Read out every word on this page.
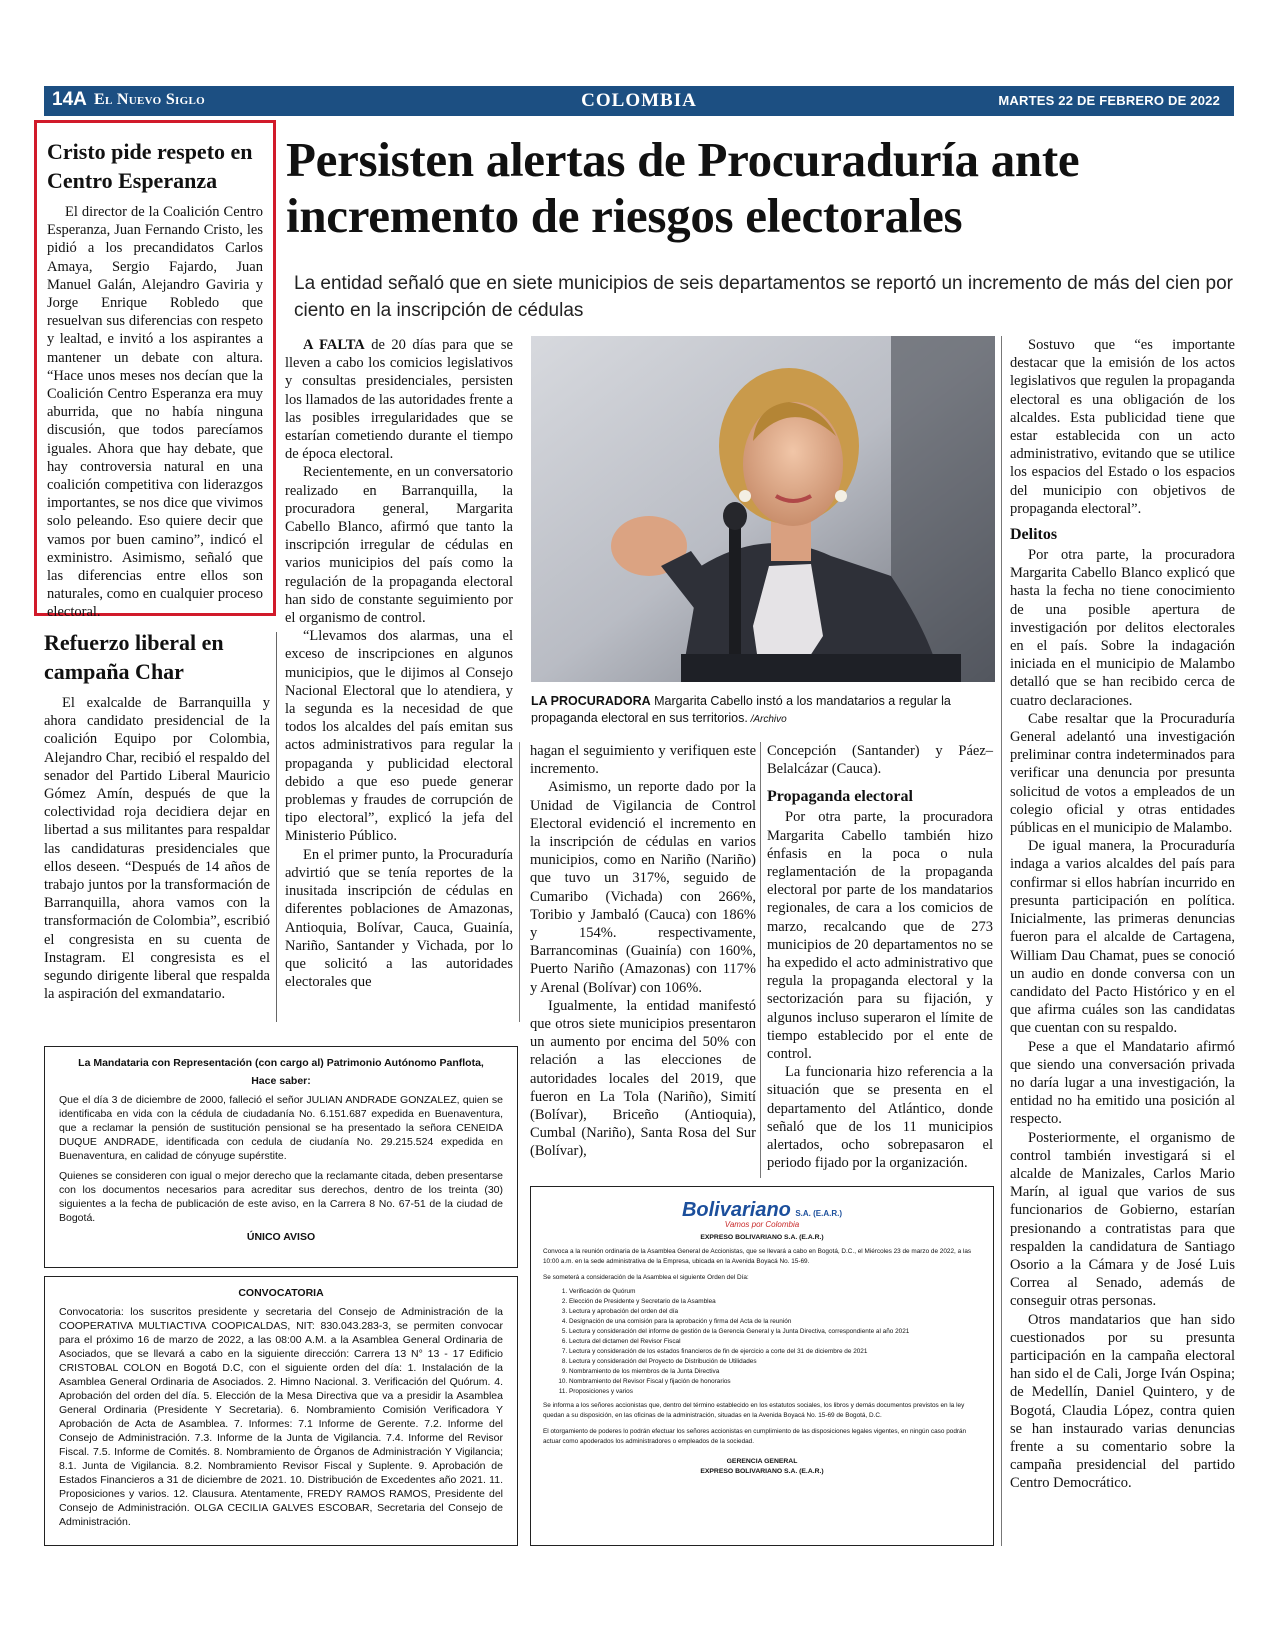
14A El Nuevo Siglo	COLOMBIA	MARTES 22 DE FEBRERO DE 2022
Cristo pide respeto en Centro Esperanza

El director de la Coalición Centro Esperanza, Juan Fernando Cristo, les pidió a los precandidatos Carlos Amaya, Sergio Fajardo, Juan Manuel Galán, Alejandro Gaviria y Jorge Enrique Robledo que resuelvan sus diferencias con respeto y lealtad, e invitó a los aspirantes a mantener un debate con altura. “Hace unos meses nos decían que la Coalición Centro Esperanza era muy aburrida, que no había ninguna discusión, que todos parecíamos iguales. Ahora que hay debate, que hay controversia natural en una coalición competitiva con liderazgos importantes, se nos dice que vivimos solo peleando. Eso quiere decir que vamos por buen camino”, indicó el exministro. Asimismo, señaló que las diferencias entre ellos son naturales, como en cualquier proceso electoral.

Refuerzo liberal en campaña Char

El exalcalde de Barranquilla y ahora candidato presidencial de la coalición Equipo por Colombia, Alejandro Char, recibió el respaldo del senador del Partido Liberal Mauricio Gómez Amín, después de que la colectividad roja decidiera dejar en libertad a sus militantes para respaldar las candidaturas presidenciales que ellos deseen. “Después de 14 años de trabajo juntos por la transformación de Barranquilla, ahora vamos con la transformación de Colombia”, escribió el congresista en su cuenta de Instagram. El congresista es el segundo dirigente liberal que respalda la aspiración del exmandatario.

Persisten alertas de Procuraduría ante incremento de riesgos electorales
La entidad señaló que en siete municipios de seis departamentos se reportó un incremento de más del cien por ciento en la inscripción de cédulas

A FALTA de 20 días para que se lleven a cabo los comicios legislativos y consultas presidenciales, persisten los llamados de las autoridades frente a las posibles irregularidades que se estarían cometiendo durante el tiempo de época electoral.

Recientemente, en un conversatorio realizado en Barranquilla, la procuradora general, Margarita Cabello Blanco, afirmó que tanto la inscripción irregular de cédulas en varios municipios del país como la regulación de la propaganda electoral han sido de constante seguimiento por el organismo de control.

“Llevamos dos alarmas, una el exceso de inscripciones en algunos municipios, que le dijimos al Consejo Nacional Electoral que lo atendiera, y la segunda es la necesidad de que todos los alcaldes del país emitan sus actos administrativos para regular la propaganda y publicidad electoral debido a que eso puede generar problemas y fraudes de corrupción de tipo electoral”, explicó la jefa del Ministerio Público.

En el primer punto, la Procuraduría advirtió que se tenía reportes de la inusitada inscripción de cédulas en diferentes poblaciones de Amazonas, Antioquia, Bolívar, Cauca, Guainía, Nariño, Santander y Vichada, por lo que solicitó a las autoridades electorales que

LA PROCURADORA Margarita Cabello instó a los mandatarios a regular la propaganda electoral en sus territorios. /Archivo

hagan el seguimiento y verifiquen este incremento.

Asimismo, un reporte dado por la Unidad de Vigilancia de Control Electoral evidenció el incremento en la inscripción de cédulas en varios municipios, como en Nariño (Nariño) que tuvo un 317%, seguido de Cumaribo (Vichada) con 266%, Toribio y Jambaló (Cauca) con 186% y 154%. respectivamente, Barrancominas (Guainía) con 160%, Puerto Nariño (Amazonas) con 117% y Arenal (Bolívar) con 106%.

Igualmente, la entidad manifestó que otros siete municipios presentaron un aumento por encima del 50% con relación a las elecciones de autoridades locales del 2019, que fueron en La Tola (Nariño), Simití (Bolívar), Briceño (Antioquia), Cumbal (Nariño), Santa Rosa del Sur (Bolívar),

Concepción (Santander) y Páez–Belalcázar (Cauca).

Propaganda electoral

Por otra parte, la procuradora Margarita Cabello también hizo énfasis en la poca o nula reglamentación de la propaganda electoral por parte de los mandatarios regionales, de cara a los comicios de marzo, recalcando que de 273 municipios de 20 departamentos no se ha expedido el acto administrativo que regula la propaganda electoral y la sectorización para su fijación, y algunos incluso superaron el límite de tiempo establecido por el ente de control.

La funcionaria hizo referencia a la situación que se presenta en el departamento del Atlántico, donde señaló que de los 11 municipios alertados, ocho sobrepasaron el periodo fijado por la organización.

Sostuvo que “es importante destacar que la emisión de los actos legislativos que regulen la propaganda electoral es una obligación de los alcaldes. Esta publicidad tiene que estar establecida con un acto administrativo, evitando que se utilice los espacios del Estado o los espacios del municipio con objetivos de propaganda electoral”.

Delitos

Por otra parte, la procuradora Margarita Cabello Blanco explicó que hasta la fecha no tiene conocimiento de una posible apertura de investigación por delitos electorales en el país. Sobre la indagación iniciada en el municipio de Malambo detalló que se han recibido cerca de cuatro declaraciones.

Cabe resaltar que la Procuraduría General adelantó una investigación preliminar contra indeterminados para verificar una denuncia por presunta solicitud de votos a empleados de un colegio oficial y otras entidades públicas en el municipio de Malambo.

De igual manera, la Procuraduría indaga a varios alcaldes del país para confirmar si ellos habrían incurrido en presunta participación en política. Inicialmente, las primeras denuncias fueron para el alcalde de Cartagena, William Dau Chamat, pues se conoció un audio en donde conversa con un candidato del Pacto Histórico y en el que afirma cuáles son las candidatas que cuentan con su respaldo.

Pese a que el Mandatario afirmó que siendo una conversación privada no daría lugar a una investigación, la entidad no ha emitido una posición al respecto.

Posteriormente, el organismo de control también investigará si el alcalde de Manizales, Carlos Mario Marín, al igual que varios de sus funcionarios de Gobierno, estarían presionando a contratistas para que respalden la candidatura de Santiago Osorio a la Cámara y de José Luis Correa al Senado, además de conseguir otras personas.

Otros mandatarios que han sido cuestionados por su presunta participación en la campaña electoral han sido el de Cali, Jorge Iván Ospina; de Medellín, Daniel Quintero, y de Bogotá, Claudia López, contra quien se han instaurado varias denuncias frente a su comentario sobre la campaña presidencial del partido Centro Democrático.

La Mandataria con Representación (con cargo al) Patrimonio Autónomo Panflota,
Hace saber:

Que el día 3 de diciembre de 2000, falleció el señor JULIAN ANDRADE GONZALEZ, quien se identificaba en vida con la cédula de ciudadanía No. 6.151.687 expedida en Buenaventura, que a reclamar la pensión de sustitución pensional se ha presentado la señora CENEIDA DUQUE ANDRADE, identificada con cedula de ciudanía No. 29.215.524 expedida en Buenaventura, en calidad de cónyuge supérstite.

Quienes se consideren con igual o mejor derecho que la reclamante citada, deben presentarse con los documentos necesarios para acreditar sus derechos, dentro de los treinta (30) siguientes a la fecha de publicación de este aviso, en la Carrera 8 No. 67-51 de la ciudad de Bogotá.

ÚNICO AVISO
CONVOCATORIA

Convocatoria: los suscritos presidente y secretaria del Consejo de Administración de la COOPERATIVA MULTIACTIVA COOPICALDAS, NIT: 830.043.283-3, se permiten convocar para el próximo 16 de marzo de 2022, a las 08:00 A.M. a la Asamblea General Ordinaria de Asociados, que se llevará a cabo en la siguiente dirección: Carrera 13 N° 13 - 17 Edificio CRISTOBAL COLON en Bogotá D.C, con el siguiente orden del día: 1. Instalación de la Asamblea General Ordinaria de Asociados. 2. Himno Nacional. 3. Verificación del Quórum. 4. Aprobación del orden del día. 5. Elección de la Mesa Directiva que va a presidir la Asamblea General Ordinaria (Presidente Y Secretaria). 6. Nombramiento Comisión Verificadora Y Aprobación de Acta de Asamblea. 7. Informes: 7.1 Informe de Gerente. 7.2. Informe del Consejo de Administración. 7.3. Informe de la Junta de Vigilancia. 7.4. Informe del Revisor Fiscal. 7.5. Informe de Comités. 8. Nombramiento de Órganos de Administración Y Vigilancia; 8.1. Junta de Vigilancia. 8.2. Nombramiento Revisor Fiscal y Suplente. 9. Aprobación de Estados Financieros a 31 de diciembre de 2021. 10. Distribución de Excedentes año 2021. 11. Proposiciones y varios. 12. Clausura. Atentamente, FREDY RAMOS RAMOS, Presidente del Consejo de Administración. OLGA CECILIA GALVES ESCOBAR, Secretaria del Consejo de Administración.

Bolivariano S.A. (E.A.R.)
Vamos por Colombia
EXPRESO BOLIVARIANO S.A. (E.A.R.)

Convoca a la reunión ordinaria de la Asamblea General de Accionistas, que se llevará a cabo en Bogotá, D.C., el Miércoles 23 de marzo de 2022, a las 10:00 a.m. en la sede administrativa de la Empresa, ubicada en la Avenida Boyacá No. 15-69.

Se someterá a consideración de la Asamblea el siguiente Orden del Día:

1. Verificación de Quórum
2. Elección de Presidente y Secretario de la Asamblea
3. Lectura y aprobación del orden del día
4. Designación de una comisión para la aprobación y firma del Acta de la reunión
5. Lectura y consideración del informe de gestión de la Gerencia General y la Junta Directiva, correspondiente al año 2021
6. Lectura del dictamen del Revisor Fiscal
7. Lectura y consideración de los estados financieros de fin de ejercicio a corte del 31 de diciembre de 2021
8. Lectura y consideración del Proyecto de Distribución de Utilidades
9. Nombramiento de los miembros de la Junta Directiva
10. Nombramiento del Revisor Fiscal y fijación de honorarios
11. Proposiciones y varios

Se informa a los señores accionistas que, dentro del término establecido en los estatutos sociales, los libros y demás documentos previstos en la ley quedan a su disposición, en las oficinas de la administración, situadas en la Avenida Boyacá No. 15-69 de Bogotá, D.C.

El otorgamiento de poderes lo podrán efectuar los señores accionistas en cumplimiento de las disposiciones legales vigentes, en ningún caso podrán actuar como apoderados los administradores o empleados de la sociedad.

GERENCIA GENERAL
EXPRESO BOLIVARIANO S.A. (E.A.R.)
